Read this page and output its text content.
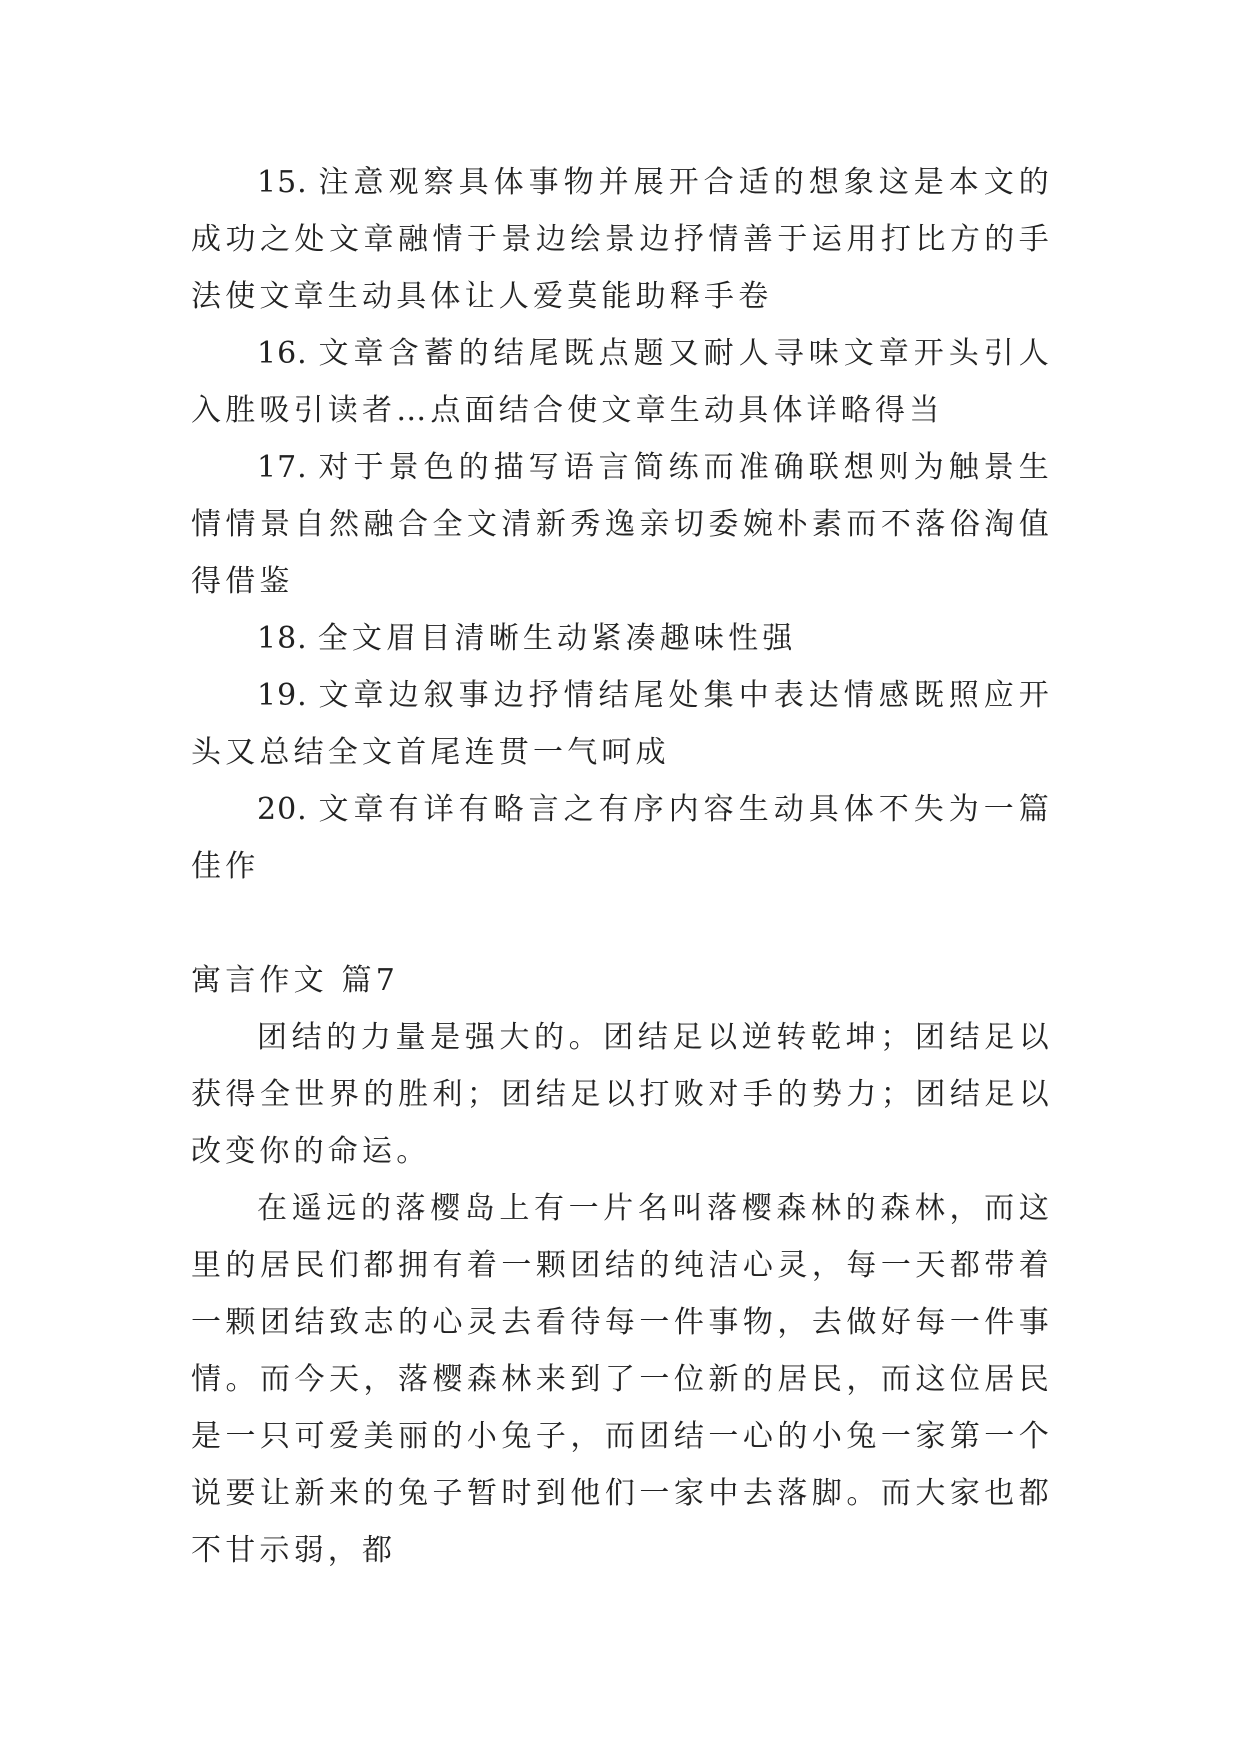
15. 注意观察具体事物并展开合适的想象这是本文的成功之处文章融情于景边绘景边抒情善于运用打比方的手法使文章生动具体让人爱莫能助释手卷

16. 文章含蓄的结尾既点题又耐人寻味文章开头引人入胜吸引读者…点面结合使文章生动具体详略得当

17. 对于景色的描写语言简练而准确联想则为触景生情情景自然融合全文清新秀逸亲切委婉朴素而不落俗淘值得借鉴

18. 全文眉目清晰生动紧凑趣味性强

19. 文章边叙事边抒情结尾处集中表达情感既照应开头又总结全文首尾连贯一气呵成

20. 文章有详有略言之有序内容生动具体不失为一篇佳作

寓言作文 篇7

团结的力量是强大的。团结足以逆转乾坤；团结足以获得全世界的胜利；团结足以打败对手的势力；团结足以改变你的命运。

在遥远的落樱岛上有一片名叫落樱森林的森林，而这里的居民们都拥有着一颗团结的纯洁心灵，每一天都带着一颗团结致志的心灵去看待每一件事物，去做好每一件事情。而今天，落樱森林来到了一位新的居民，而这位居民是一只可爱美丽的小兔子，而团结一心的小兔一家第一个说要让新来的兔子暂时到他们一家中去落脚。而大家也都不甘示弱，都
